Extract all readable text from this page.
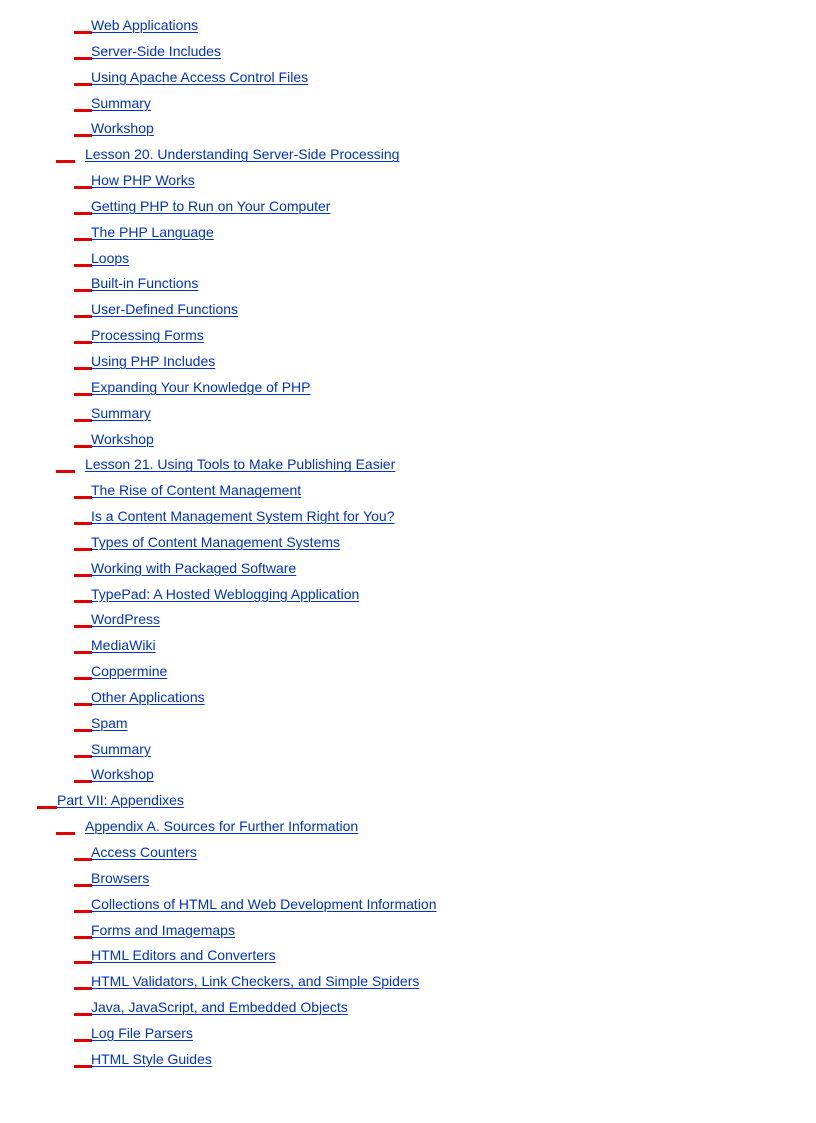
Web Applications
Server-Side Includes
Using Apache Access Control Files
Summary
Workshop
Lesson 20. Understanding Server-Side Processing
How PHP Works
Getting PHP to Run on Your Computer
The PHP Language
Loops
Built-in Functions
User-Defined Functions
Processing Forms
Using PHP Includes
Expanding Your Knowledge of PHP
Summary
Workshop
Lesson 21. Using Tools to Make Publishing Easier
The Rise of Content Management
Is a Content Management System Right for You?
Types of Content Management Systems
Working with Packaged Software
TypePad: A Hosted Weblogging Application
WordPress
MediaWiki
Coppermine
Other Applications
Spam
Summary
Workshop
Part VII: Appendixes
Appendix A. Sources for Further Information
Access Counters
Browsers
Collections of HTML and Web Development Information
Forms and Imagemaps
HTML Editors and Converters
HTML Validators, Link Checkers, and Simple Spiders
Java, JavaScript, and Embedded Objects
Log File Parsers
HTML Style Guides
